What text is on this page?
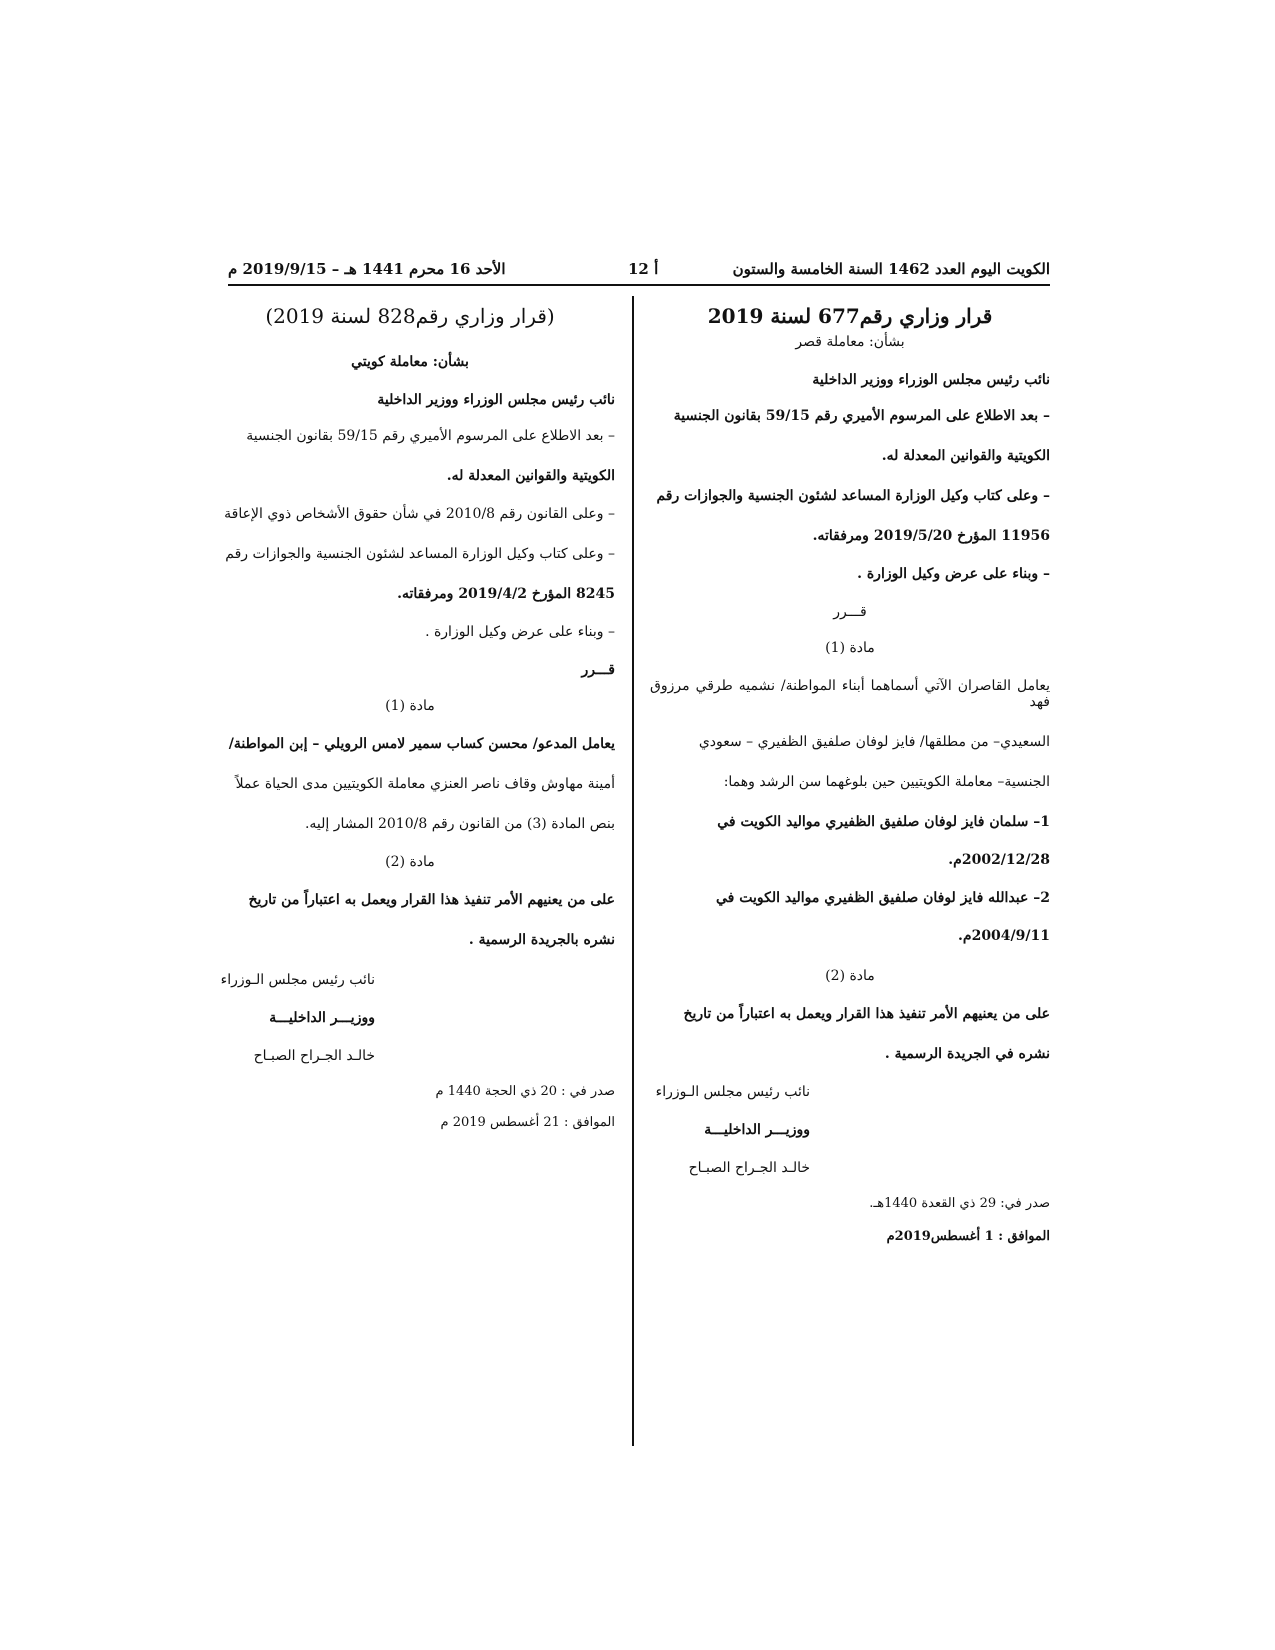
الكويت اليوم العدد 1462 السنة الخامسة والستون
أ 12
الأحد 16 محرم 1441 هـ – 2019/9/15 م
قرار وزاري رقم677 لسنة 2019
بشأن: معاملة قصر

نائب رئيس مجلس الوزراء ووزير الداخلية

– بعد الاطلاع على المرسوم الأميري رقم 59/15 بقانون الجنسية

الكويتية والقوانين المعدلة له.

– وعلى كتاب وكيل الوزارة المساعد لشئون الجنسية والجوازات رقم

11956 المؤرخ 2019/5/20 ومرفقاته.

– وبناء على عرض وكيل الوزارة .

قـــرر

مادة (1)

يعامل القاصران الآتي أسماهما أبناء المواطنة/ نشميه طرقي مرزوق فهد

السعيدي– من مطلقها/ فايز لوفان صلفيق الظفيري – سعودي

الجنسية– معاملة الكويتيين حين بلوغهما سن الرشد وهما:

1– سلمان فايز لوفان صلفيق الظفيري مواليد الكويت في

2002/12/28م.

2– عبدالله فايز لوفان صلفيق الظفيري مواليد الكويت في

2004/9/11م.

مادة (2)

على من يعنيهم الأمر تنفيذ هذا القرار ويعمل به اعتباراً من تاريخ

نشره في الجريدة الرسمية .

نائب رئيس مجلس الـوزراء

ووزيـــر الداخليـــة

خالـد الجـراح الصبـاح

صدر في: 29 ذي القعدة 1440هـ.

الموافق : 1 أغسطس2019م

(قرار وزاري رقم828 لسنة 2019)
بشأن: معاملة كويتي

نائب رئيس مجلس الوزراء ووزير الداخلية

– بعد الاطلاع على المرسوم الأميري رقم 59/15 بقانون الجنسية

الكويتية والقوانين المعدلة له.

– وعلى القانون رقم 2010/8 في شأن حقوق الأشخاص ذوي الإعاقة

– وعلى كتاب وكيل الوزارة المساعد لشئون الجنسية والجوازات رقم

8245 المؤرخ 2019/4/2 ومرفقاته.

– وبناء على عرض وكيل الوزارة .

قـــرر

مادة (1)

يعامل المدعو/ محسن كساب سمير لامس الرويلي – إبن المواطنة/

أمينة مهاوش وقاف ناصر العنزي معاملة الكويتيين مدى الحياة عملاً

بنص المادة (3) من القانون رقم 2010/8 المشار إليه.

مادة (2)

على من يعنيهم الأمر تنفيذ هذا القرار ويعمل به اعتباراً من تاريخ

نشره بالجريدة الرسمية .

نائب رئيس مجلس الـوزراء

ووزيـــر الداخليـــة

خالـد الجـراح الصبـاح

صدر في : 20 ذي الحجة 1440 م

الموافق : 21 أغسطس 2019 م
